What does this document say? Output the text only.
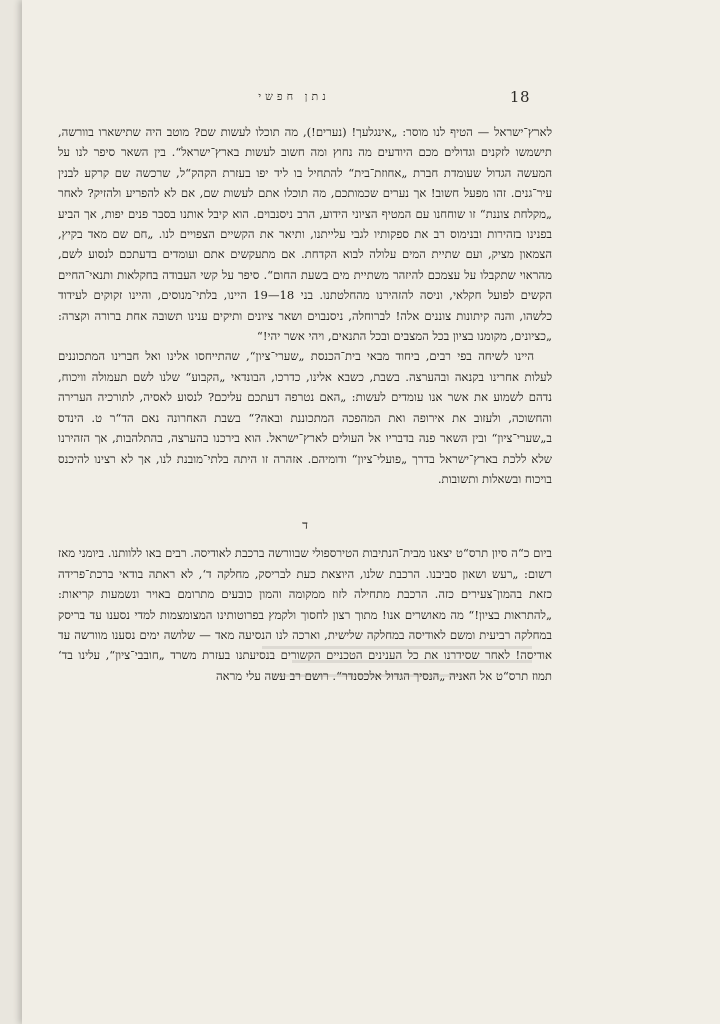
נתן חפשי	18

לארץ־ישראל — הטיף לנו מוסר: „אינגלעך! (נערים!), מה תוכלו לעשות שם? מוטב היה שתישארו בוורשה, תישמשו לזקנים וגדולים מכם היודעים מה נחוץ ומה חשוב לעשות בארץ־ישראל“. בין השאר סיפר לנו על המעשה הגדול שעומדת חברת „אחוזת־בית“ להתחיל בו ליד יפו בעזרת הקהק“ל, שרכשה שם קרקע לבנין עיר־גנים. זהו מפעל חשוב! אך נערים שכמותכם, מה תוכלו אתם לעשות שם, אם לא להפריע ולהזיק? לאחר „מקלחת צוננת“ זו שוחחנו עם המטיף הציוני הידוע, הרב ניסנבוים. הוא קיבל אותנו בסבר פנים יפות, אך הביע בפנינו בזהירות ובנימוס רב את ספקותיו לגבי עלייתנו, ותיאר את הקשיים הצפויים לנו. „חם שם מאד בקיץ, הצמאון מציק, ועם שתיית המים עלולה לבוא הקדחת. אם מתעקשים אתם ועומדים בדעתכם לנסוע לשם, מהראוי שתקבלו על עצמכם להיזהר משתיית מים בשעת החום“. סיפר על קשי העבודה בחקלאות ותנאי־החיים הקשים לפועל חקלאי, וניסה להזהירנו מהחלטתנו. בני 18—19 היינו, בלתי־מנוסים, והיינו זקוקים לעידוד כלשהו, והנה קיתונות צוננים אלה! לברוחלה, ניסנבוים ושאר ציונים ותיקים ענינו תשובה אחת ברורה וקצרה: „כציונים, מקומנו בציון בכל המצבים ובכל התנאים, ויהי אשר יהי!“

היינו לשיחה בפי רבים, ביחוד מבאי בית־הכנסת „שערי־ציון“, שהתייחסו אלינו ואל חברינו המתכוננים לעלות אחרינו בקנאה ובהערצה. בשבת, כשבא אלינו, כדרכו, הבונדאי „הקבוע“ שלנו לשם תעמולה וויכוח, נדהם לשמוע את אשר אנו עומדים לעשות: „האם נטרפה דעתכם עליכם? לנסוע לאסיה, לתורכיה הערירה והחשוכה, ולעזוב את אירופה ואת המהפכה המתכוננת ובאה?“ בשבת האחרונה נאם הד“ר ט. הינדס ב„שערי־ציון“ ובין השאר פנה בדבריו אל העולים לארץ־ישראל. הוא בירכנו בהערצה, בהתלהבות, אך הזהירנו שלא ללכת בארץ־ישראל בדרך „פועלי־ציון“ ודומיהם. אזהרה זו היתה בלתי־מובנת לנו, אך לא רצינו להיכנס בויכוח ובשאלות ותשובות.

ד

ביום כ“ה סיון תרס“ט יצאנו מבית־הנתיבות הטירספולי שבוורשה ברכבת לאודיסה. רבים באו ללוותנו. ביומני מאז רשום: „רעש ושאון סביבנו. הרכבת שלנו, היוצאת כעת לבריסק, מחלקה ד‘, לא ראתה בודאי ברכת־פרידה כזאת בהמון־צעירים כזה. הרכבת מתחילה לזוז ממקומה והמון כובעים מתרומם באויר ונשמעות קריאות: „להתראות בציון!“ מה מאושרים אנו! מתוך רצון לחסוך ולקמץ בפרוטותינו המצומצמות למדי נסענו עד בריסק במחלקה רביעית ומשם לאודיסה במחלקה שלישית, וארכה לנו הנסיעה מאד — שלושה ימים נסענו מוורשה עד אודיסה! לאחר שסידרנו את כל הענינים הטכניים הקשורים בנסיעתנו בעזרת משרד „חובבי־ציון“, עלינו בד‘ תמוז תרס“ט אל האניה „הנסיך הגדול אלכסנדר“. רושם רב עשה עלי מראה
